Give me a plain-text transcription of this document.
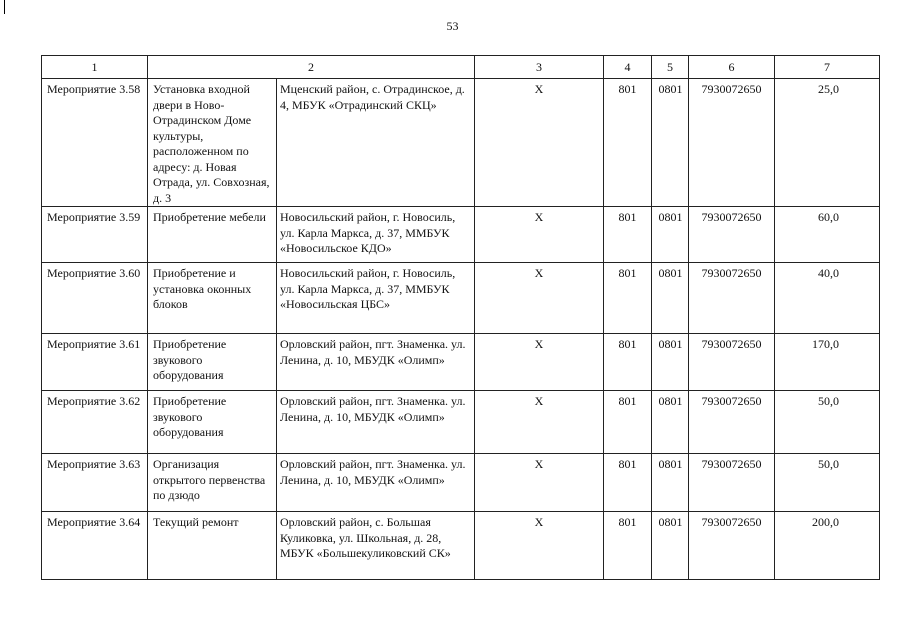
53
1	2		3	4	5	6	7
Мероприятие 3.58	Установка входной двери в Ново-Отрадинском Доме культуры, расположенном по адресу: д. Новая Отрада, ул. Совхозная, д. 3	Мценский район, с. Отрадинское, д. 4, МБУК «Отрадинский СКЦ»	Х	801	0801	7930072650	25,0
Мероприятие 3.59	Приобретение мебели	Новосильский район, г. Новосиль, ул. Карла Маркса, д. 37, ММБУК «Новосильское КДО»	Х	801	0801	7930072650	60,0
Мероприятие 3.60	Приобретение и установка оконных блоков	Новосильский район, г. Новосиль, ул. Карла Маркса, д. 37, ММБУК «Новосильская ЦБС»	Х	801	0801	7930072650	40,0
Мероприятие 3.61	Приобретение звукового оборудования	Орловский район, пгт. Знаменка. ул. Ленина, д. 10, МБУДК «Олимп»	Х	801	0801	7930072650	170,0
Мероприятие 3.62	Приобретение звукового оборудования	Орловский район, пгт. Знаменка. ул. Ленина, д. 10, МБУДК «Олимп»	Х	801	0801	7930072650	50,0
Мероприятие 3.63	Организация открытого первенства по дзюдо	Орловский район, пгт. Знаменка. ул. Ленина, д. 10, МБУДК «Олимп»	Х	801	0801	7930072650	50,0
Мероприятие 3.64	Текущий ремонт	Орловский район, с. Большая Куликовка, ул. Школьная, д. 28, МБУК «Большекуликовский СК»	Х	801	0801	7930072650	200,0
